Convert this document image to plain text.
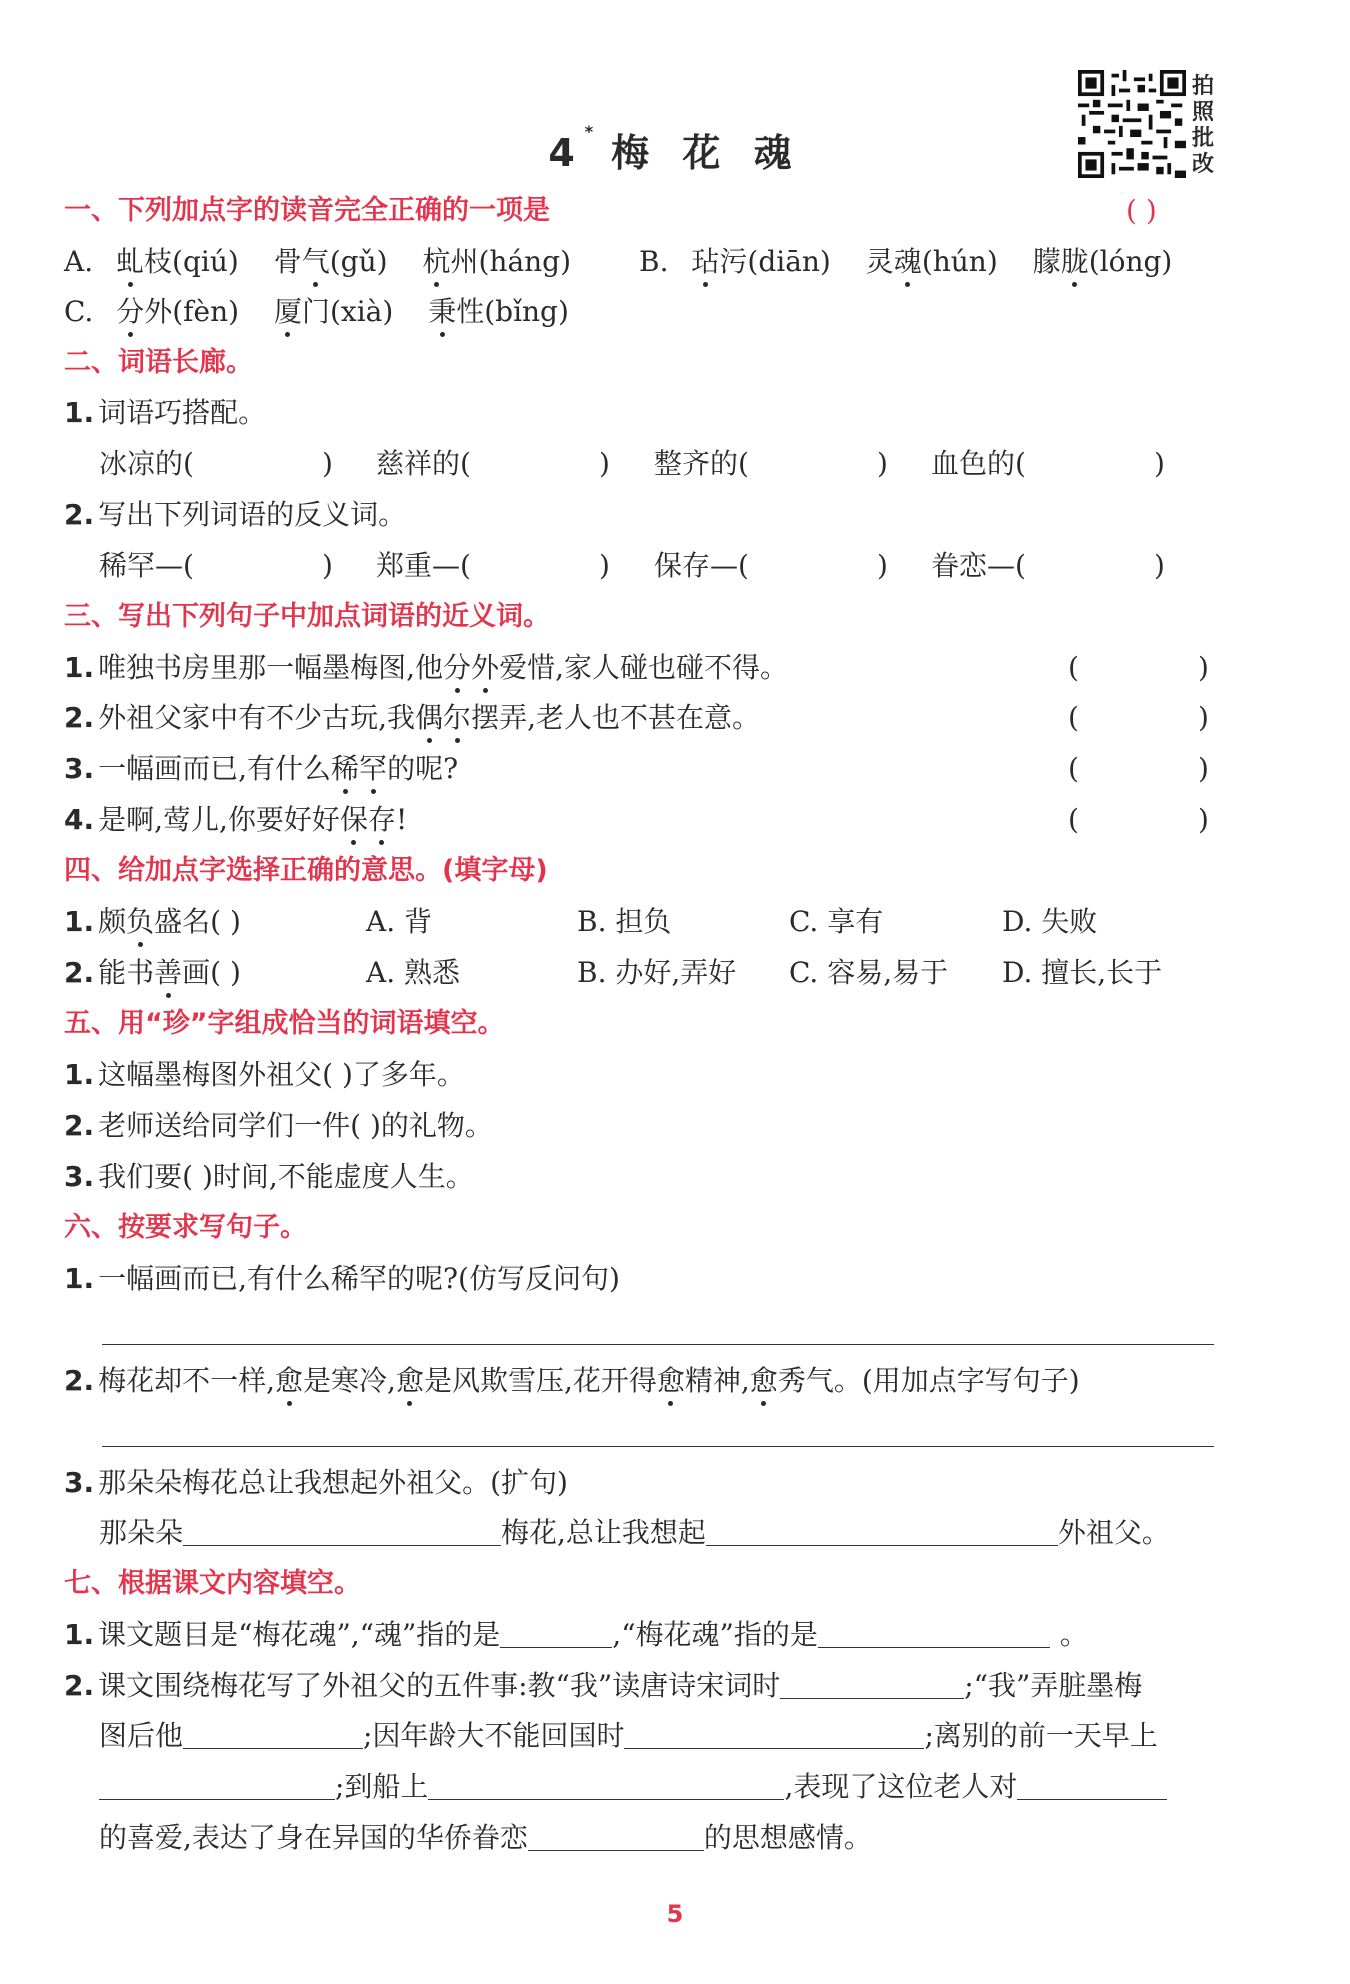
4* 梅 花 魂
拍
照
批
改
一、下列加点字的读音完全正确的一项是	( )
A. 虬枝(qiú) 骨气(gǔ) 杭州(háng) B. 玷污(diān) 灵魂(hún) 朦胧(lóng)
C. 分外(fèn) 厦门(xià) 秉性(bǐng)
二、词语长廊。
1. 词语巧搭配。
冰凉的(	) 慈祥的(	) 整齐的(	) 血色的(	)
2. 写出下列词语的反义词。
稀罕—(	) 郑重—(	) 保存—(	) 眷恋—(	)
三、写出下列句子中加点词语的近义词。
1. 唯独书房里那一幅墨梅图,他分外爱惜,家人碰也碰不得。	(	)
2. 外祖父家中有不少古玩,我偶尔摆弄,老人也不甚在意。	(	)
3. 一幅画而已,有什么稀罕的呢?	(	)
4. 是啊,莺儿,你要好好保存!	(	)
四、给加点字选择正确的意思。(填字母)
1. 颇负盛名( )	A. 背	B. 担负	C. 享有	D. 失败
2. 能书善画( )	A. 熟悉	B. 办好,弄好 C. 容易,易于 D. 擅长,长于
五、用“珍”字组成恰当的词语填空。
1. 这幅墨梅图外祖父( )了多年。
2. 老师送给同学们一件( )的礼物。
3. 我们要( )时间,不能虚度人生。
六、按要求写句子。
1. 一幅画而已,有什么稀罕的呢?(仿写反问句)
2. 梅花却不一样,愈是寒冷,愈是风欺雪压,花开得愈精神,愈秀气。(用加点字写句子)
3. 那朵朵梅花总让我想起外祖父。(扩句)
那朵朵	梅花,总让我想起	外祖父。
七、根据课文内容填空。
1. 课文题目是“梅花魂”,“魂”指的是	,“梅花魂”指的是	。
2. 课文围绕梅花写了外祖父的五件事:教“我”读唐诗宋词时	;“我”弄脏墨梅
图后他	;因年龄大不能回国时	;离别的前一天早上
;到船上	,表现了这位老人对
的喜爱,表达了身在异国的华侨眷恋	的思想感情。
5
